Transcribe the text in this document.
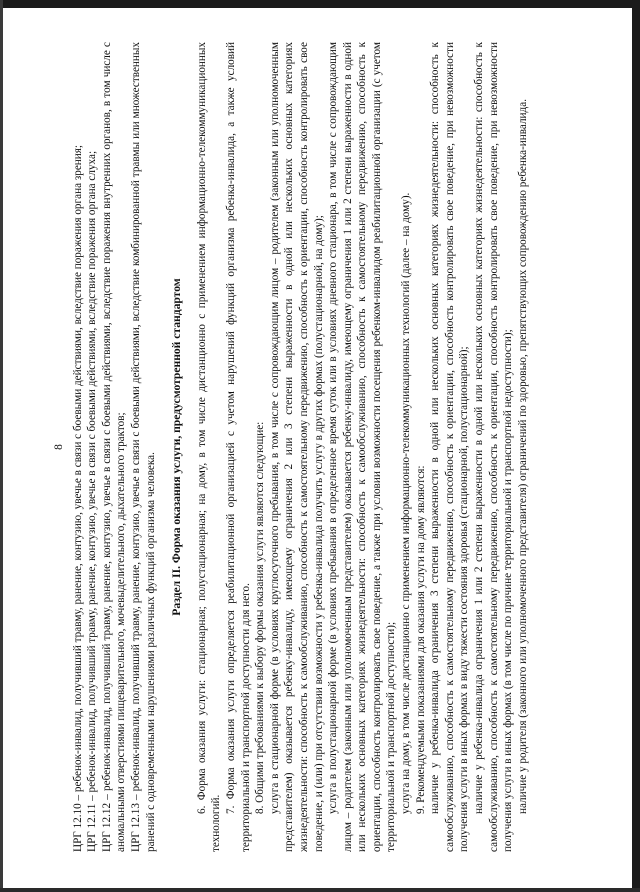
8 ЦРГ 12.10 – ребенок-инвалид, получивший травму, ранение, контузию, увечье в связи с боевыми действиями, вследствие поражения органа зрения; ЦРГ 12.11 – ребенок-инвалид, получивший травму, ранение, контузию, увечье в связи с боевыми действиями, вследствие поражения органа слуха; ЦРГ 12.12 – ребенок-инвалид, получивший травму, ранение, контузию, увечье в связи с боевыми действиями, вследствие поражения внутренних органов, в том числе с аномальными отверстиями пищеварительного, мочевыделительного, дыхательного трактов; ЦРГ 12.13 – ребенок-инвалид, получивший травму, ранение, контузию, увечье в связи с боевыми действиями, вследствие комбинированной травмы или множественных ранений с одновременными нарушениями различных функций организма человека.

Раздел II. Форма оказания услуги, предусмотренной стандартом 6. Форма оказания услуги: стационарная; полустационарная; на дому, в том числе дистанционно с применением информационно-телекоммуникационных технологий.

7. Форма оказания услуги определяется реабилитационной организацией с учетом нарушений функций организма ребенка-инвалида, а также условий территориальной и транспортной доступности для него. 8. Общими требованиями к выбору формы оказания услуги являются следующие: услуга в стационарной форме (в условиях круглосуточного пребывания, в том числе с сопровождающим лицом – родителем (законным или уполномоченным представителем) оказывается ребенку-инвалиду, имеющему ограничения 2 или 3 степени выраженности в одной или нескольких основных категориях жизнедеятельности: способность к самообслуживанию, способность к самостоятельному передвижению, способность к ориентации, способность контролировать свое поведение, и (или) при отсутствии возможности у ребенка-инвалида получить услугу в других формах (полустационарной, на дому); услуга в полустационарной форме (в условиях пребывания в определенное время суток или в условиях дневного стационара, в том числе с сопровождающим лицом – родителем (законным или уполномоченным представителем) оказывается ребенку-инвалиду, имеющему ограничения 1 или 2 степени выраженности в одной или нескольких основных категориях жизнедеятельности: способность к самообслуживанию, способность к самостоятельному передвижению, способность к ориентации, способность контролировать свое поведение, а также при условии возможности посещения ребенком-инвалидом реабилитационной организации (с учетом территориальной и транспортной доступности); услуга на дому, в том числе дистанционно с применением информационно-телекоммуникационных технологий (далее – на дому). 9. Рекомендуемыми показаниями для оказания услуги на дому являются: наличие у ребенка-инвалида ограничения 3 степени выраженности в одной или нескольких основных категориях жизнедеятельности: способность к самообслуживанию, способность к самостоятельному передвижению, способность к ориентации, способность контролировать свое поведение, при невозможности получения услуги в иных формах в виду тяжести состояния здоровья (стационарной, полустационарной); наличие у ребенка-инвалида ограничения 1 или 2 степени выраженности в одной или нескольких основных категориях жизнедеятельности: способность к самообслуживанию, способность к самостоятельному передвижению, способность к ориентации, способность контролировать свое поведение, при невозможности получения услуги в иных формах (в том числе по причине территориальной и транспортной недоступности); наличие у родителя (законного или уполномоченного представителя) ограничений по здоровью, препятствующих сопровождению ребенка-инвалида.
